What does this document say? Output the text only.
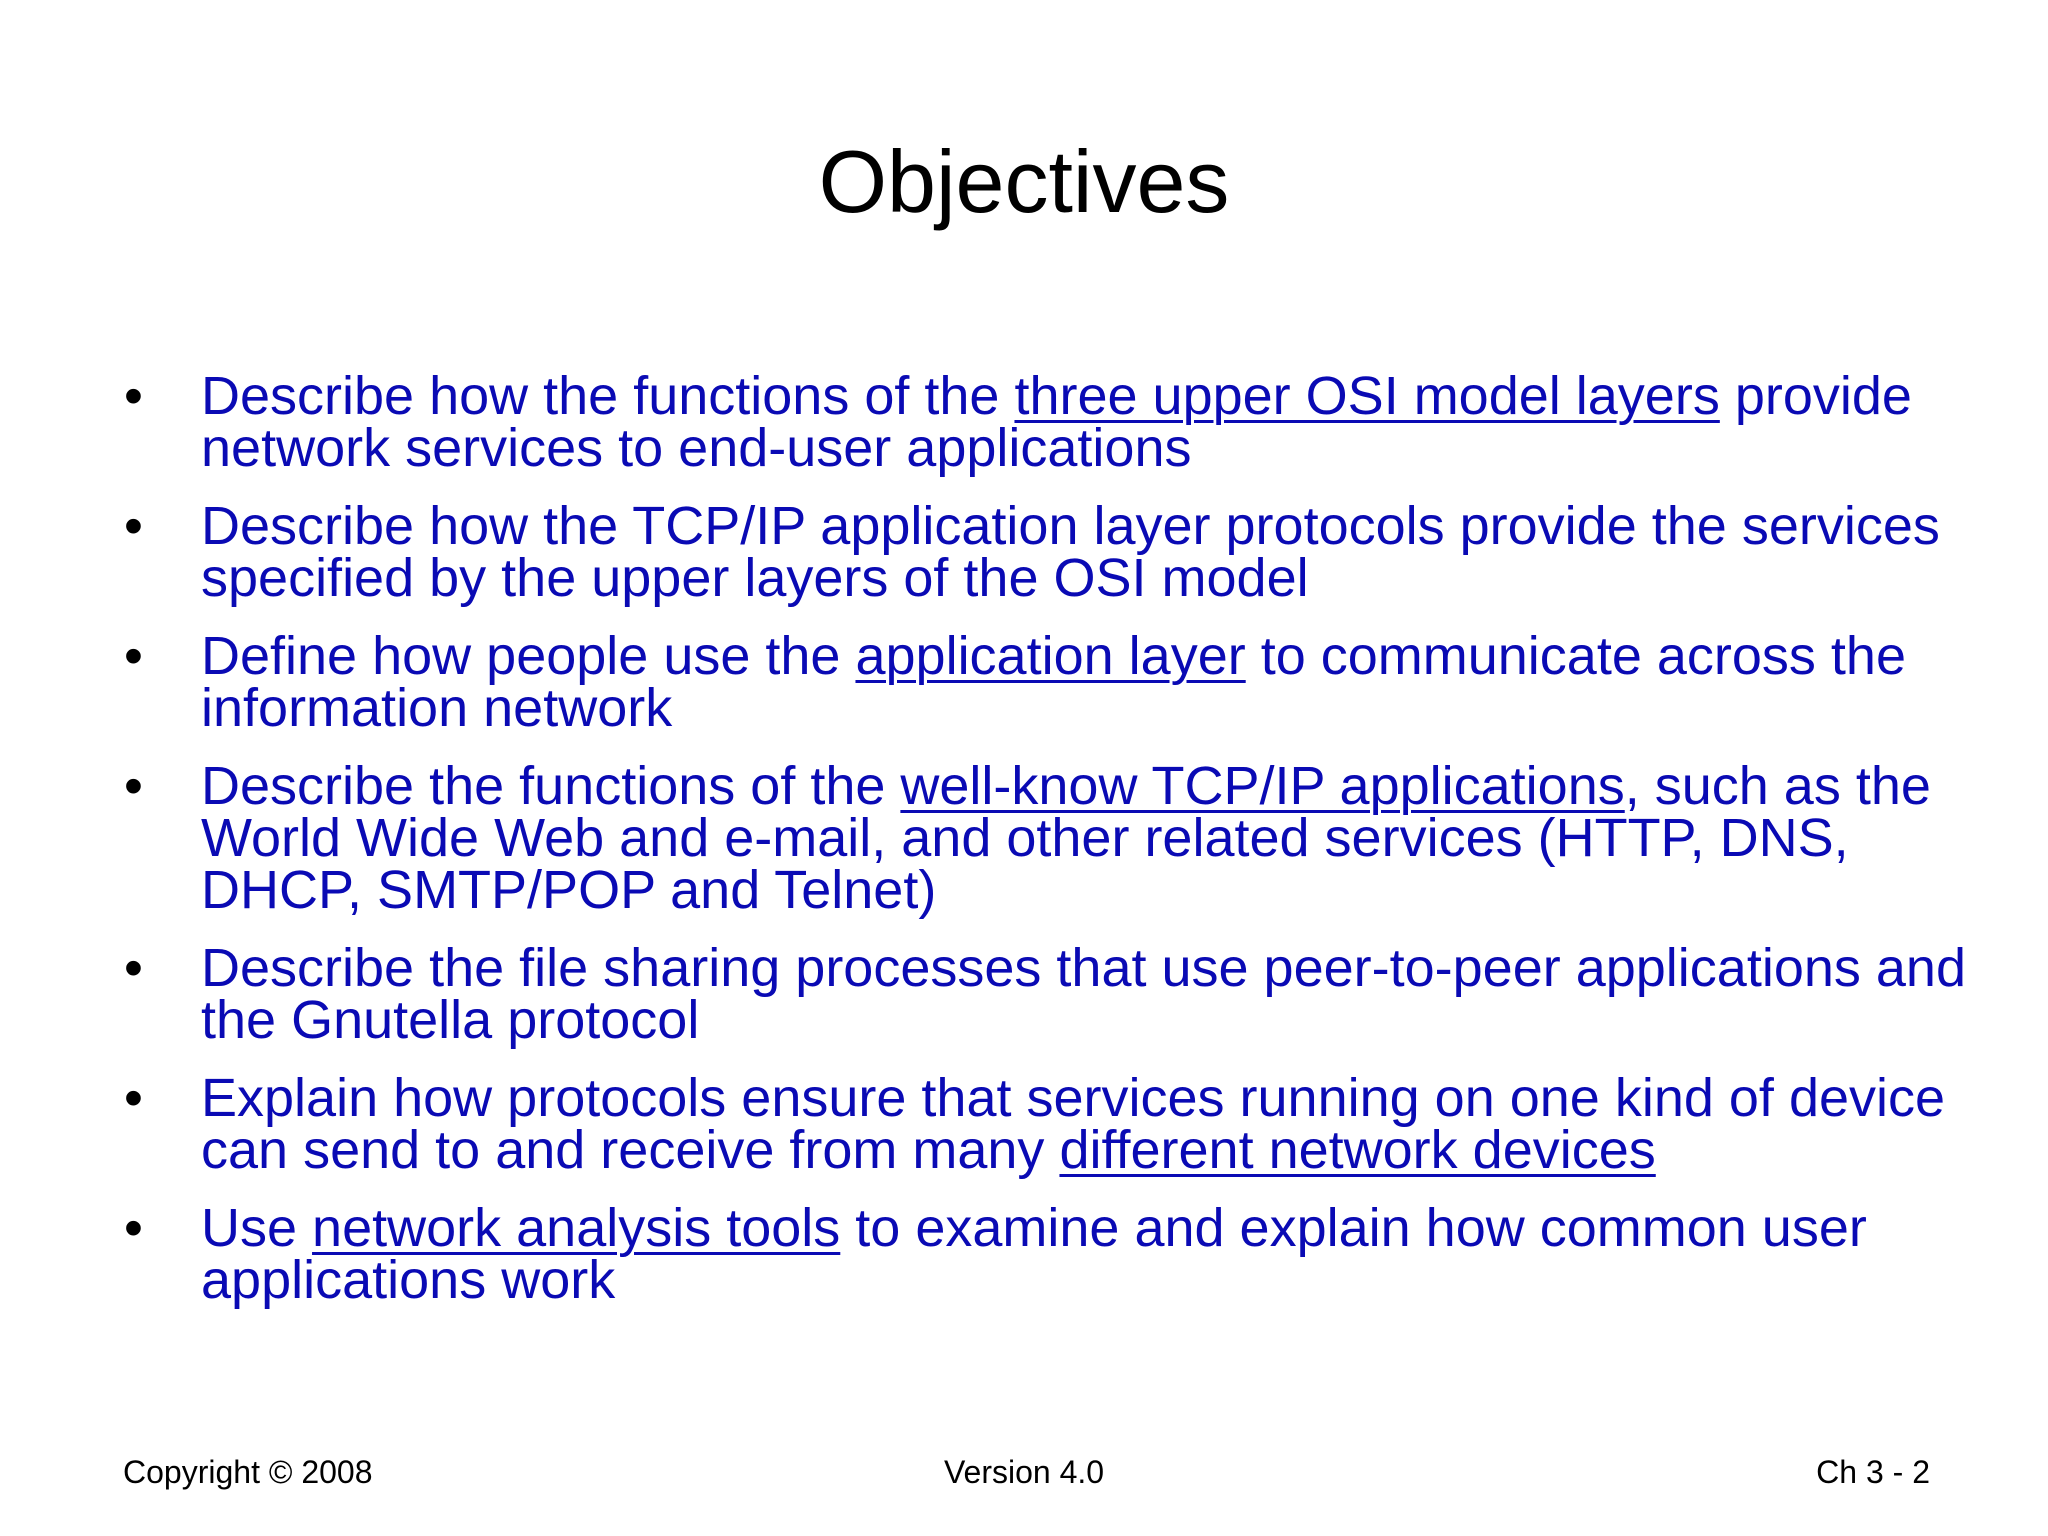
Objectives
• Describe how the functions of the three upper OSI model layers provide network services to end-user applications
• Describe how the TCP/IP application layer protocols provide the services specified by the upper layers of the OSI model
• Define how people use the application layer to communicate across the information network
• Describe the functions of the well-know TCP/IP applications, such as the World Wide Web and e-mail, and other related services (HTTP, DNS, DHCP, SMTP/POP and Telnet)
• Describe the file sharing processes that use peer-to-peer applications and the Gnutella protocol
• Explain how protocols ensure that services running on one kind of device can send to and receive from many different network devices
• Use network analysis tools to examine and explain how common user applications work
Copyright © 2008	Version 4.0	Ch 3 - 2
